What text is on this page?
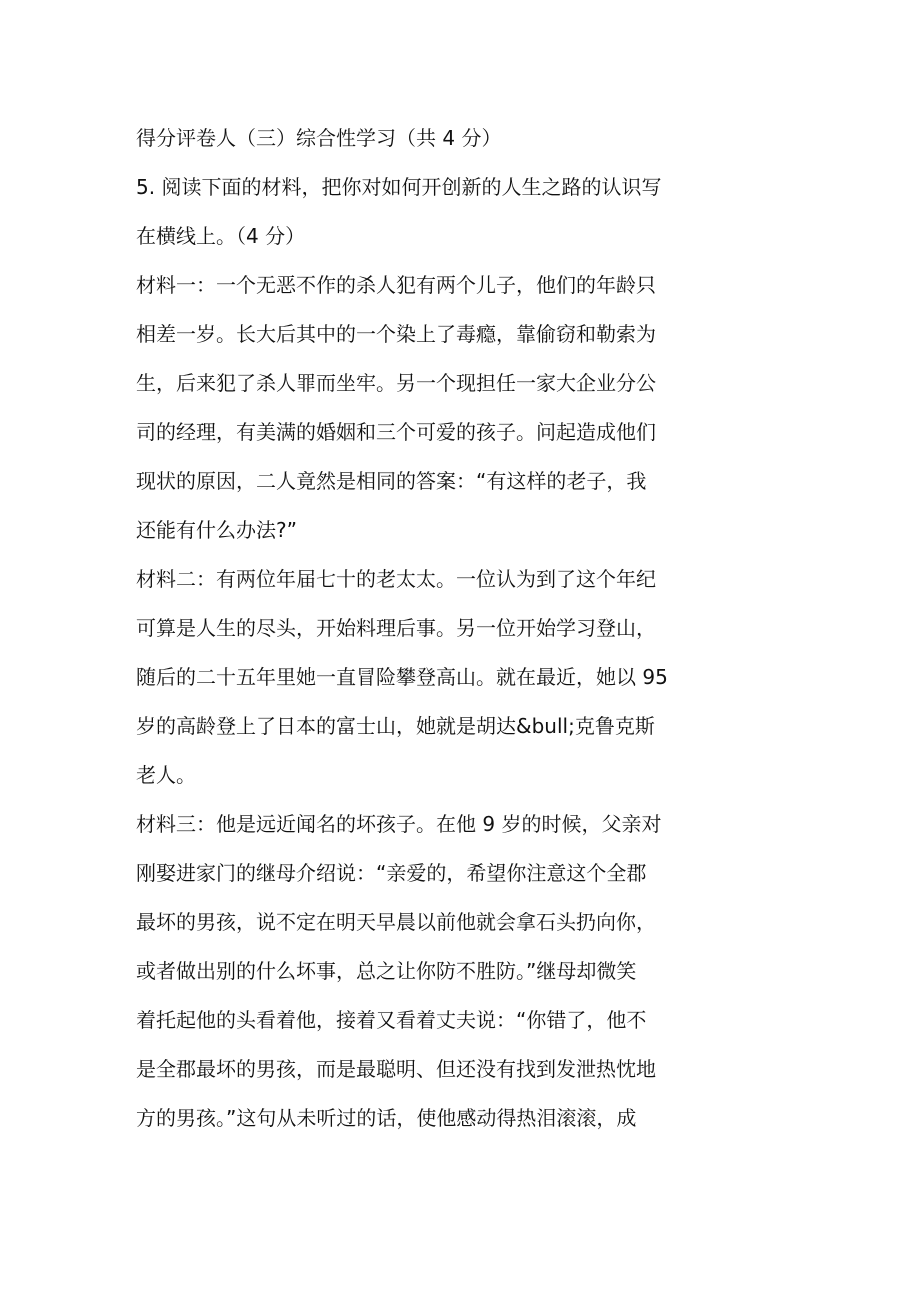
得分评卷人（三）综合性学习（共 4 分）
5. 阅读下面的材料，把你对如何开创新的人生之路的认识写
在横线上。（4 分）
材料一：一个无恶不作的杀人犯有两个儿子，他们的年龄只
相差一岁。长大后其中的一个染上了毒瘾，靠偷窃和勒索为
生，后来犯了杀人罪而坐牢。另一个现担任一家大企业分公
司的经理，有美满的婚姻和三个可爱的孩子。问起造成他们
现状的原因，二人竟然是相同的答案：“有这样的老子，我
还能有什么办法?”
材料二：有两位年届七十的老太太。一位认为到了这个年纪
可算是人生的尽头，开始料理后事。另一位开始学习登山，
随后的二十五年里她一直冒险攀登高山。就在最近，她以 95
岁的高龄登上了日本的富士山，她就是胡达&bull;克鲁克斯
老人。
材料三：他是远近闻名的坏孩子。在他 9 岁的时候，父亲对
刚娶进家门的继母介绍说：“亲爱的，希望你注意这个全郡
最坏的男孩，说不定在明天早晨以前他就会拿石头扔向你，
或者做出别的什么坏事，总之让你防不胜防。”继母却微笑
着托起他的头看着他，接着又看着丈夫说：“你错了，他不
是全郡最坏的男孩，而是最聪明、但还没有找到发泄热忱地
方的男孩。”这句从未听过的话，使他感动得热泪滚滚，成
